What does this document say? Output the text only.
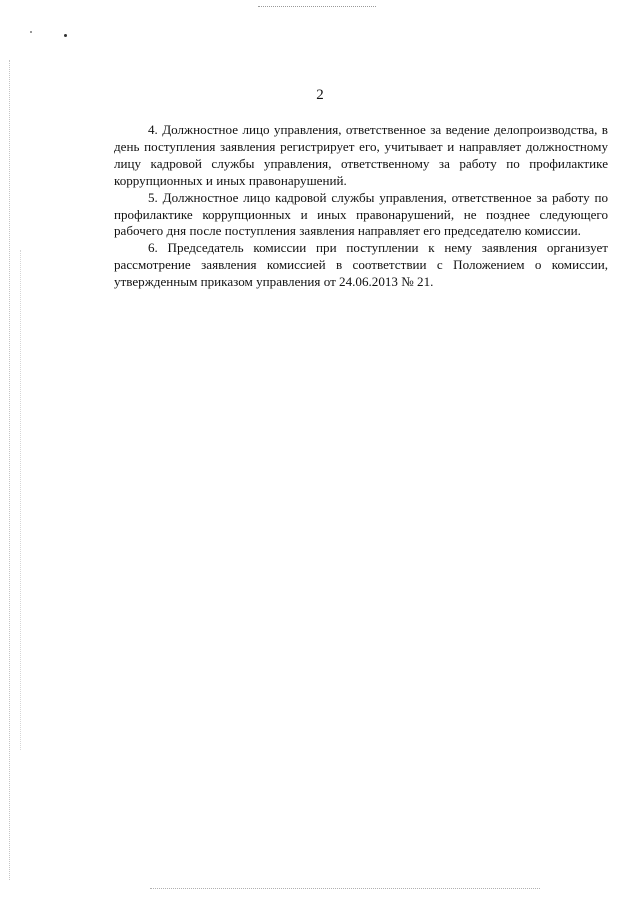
2

4. Должностное лицо управления, ответственное за ведение делопроизводства, в день поступления заявления регистрирует его, учитывает и направляет должностному лицу кадровой службы управления, ответственному за работу по профилактике коррупционных и иных правонарушений.

5. Должностное лицо кадровой службы управления, ответственное за работу по профилактике коррупционных и иных правонарушений, не позднее следующего рабочего дня после поступления заявления направляет его председателю комиссии.

6. Председатель комиссии при поступлении к нему заявления организует рассмотрение заявления комиссией в соответствии с Положением о комиссии, утвержденным приказом управления от 24.06.2013 № 21.
